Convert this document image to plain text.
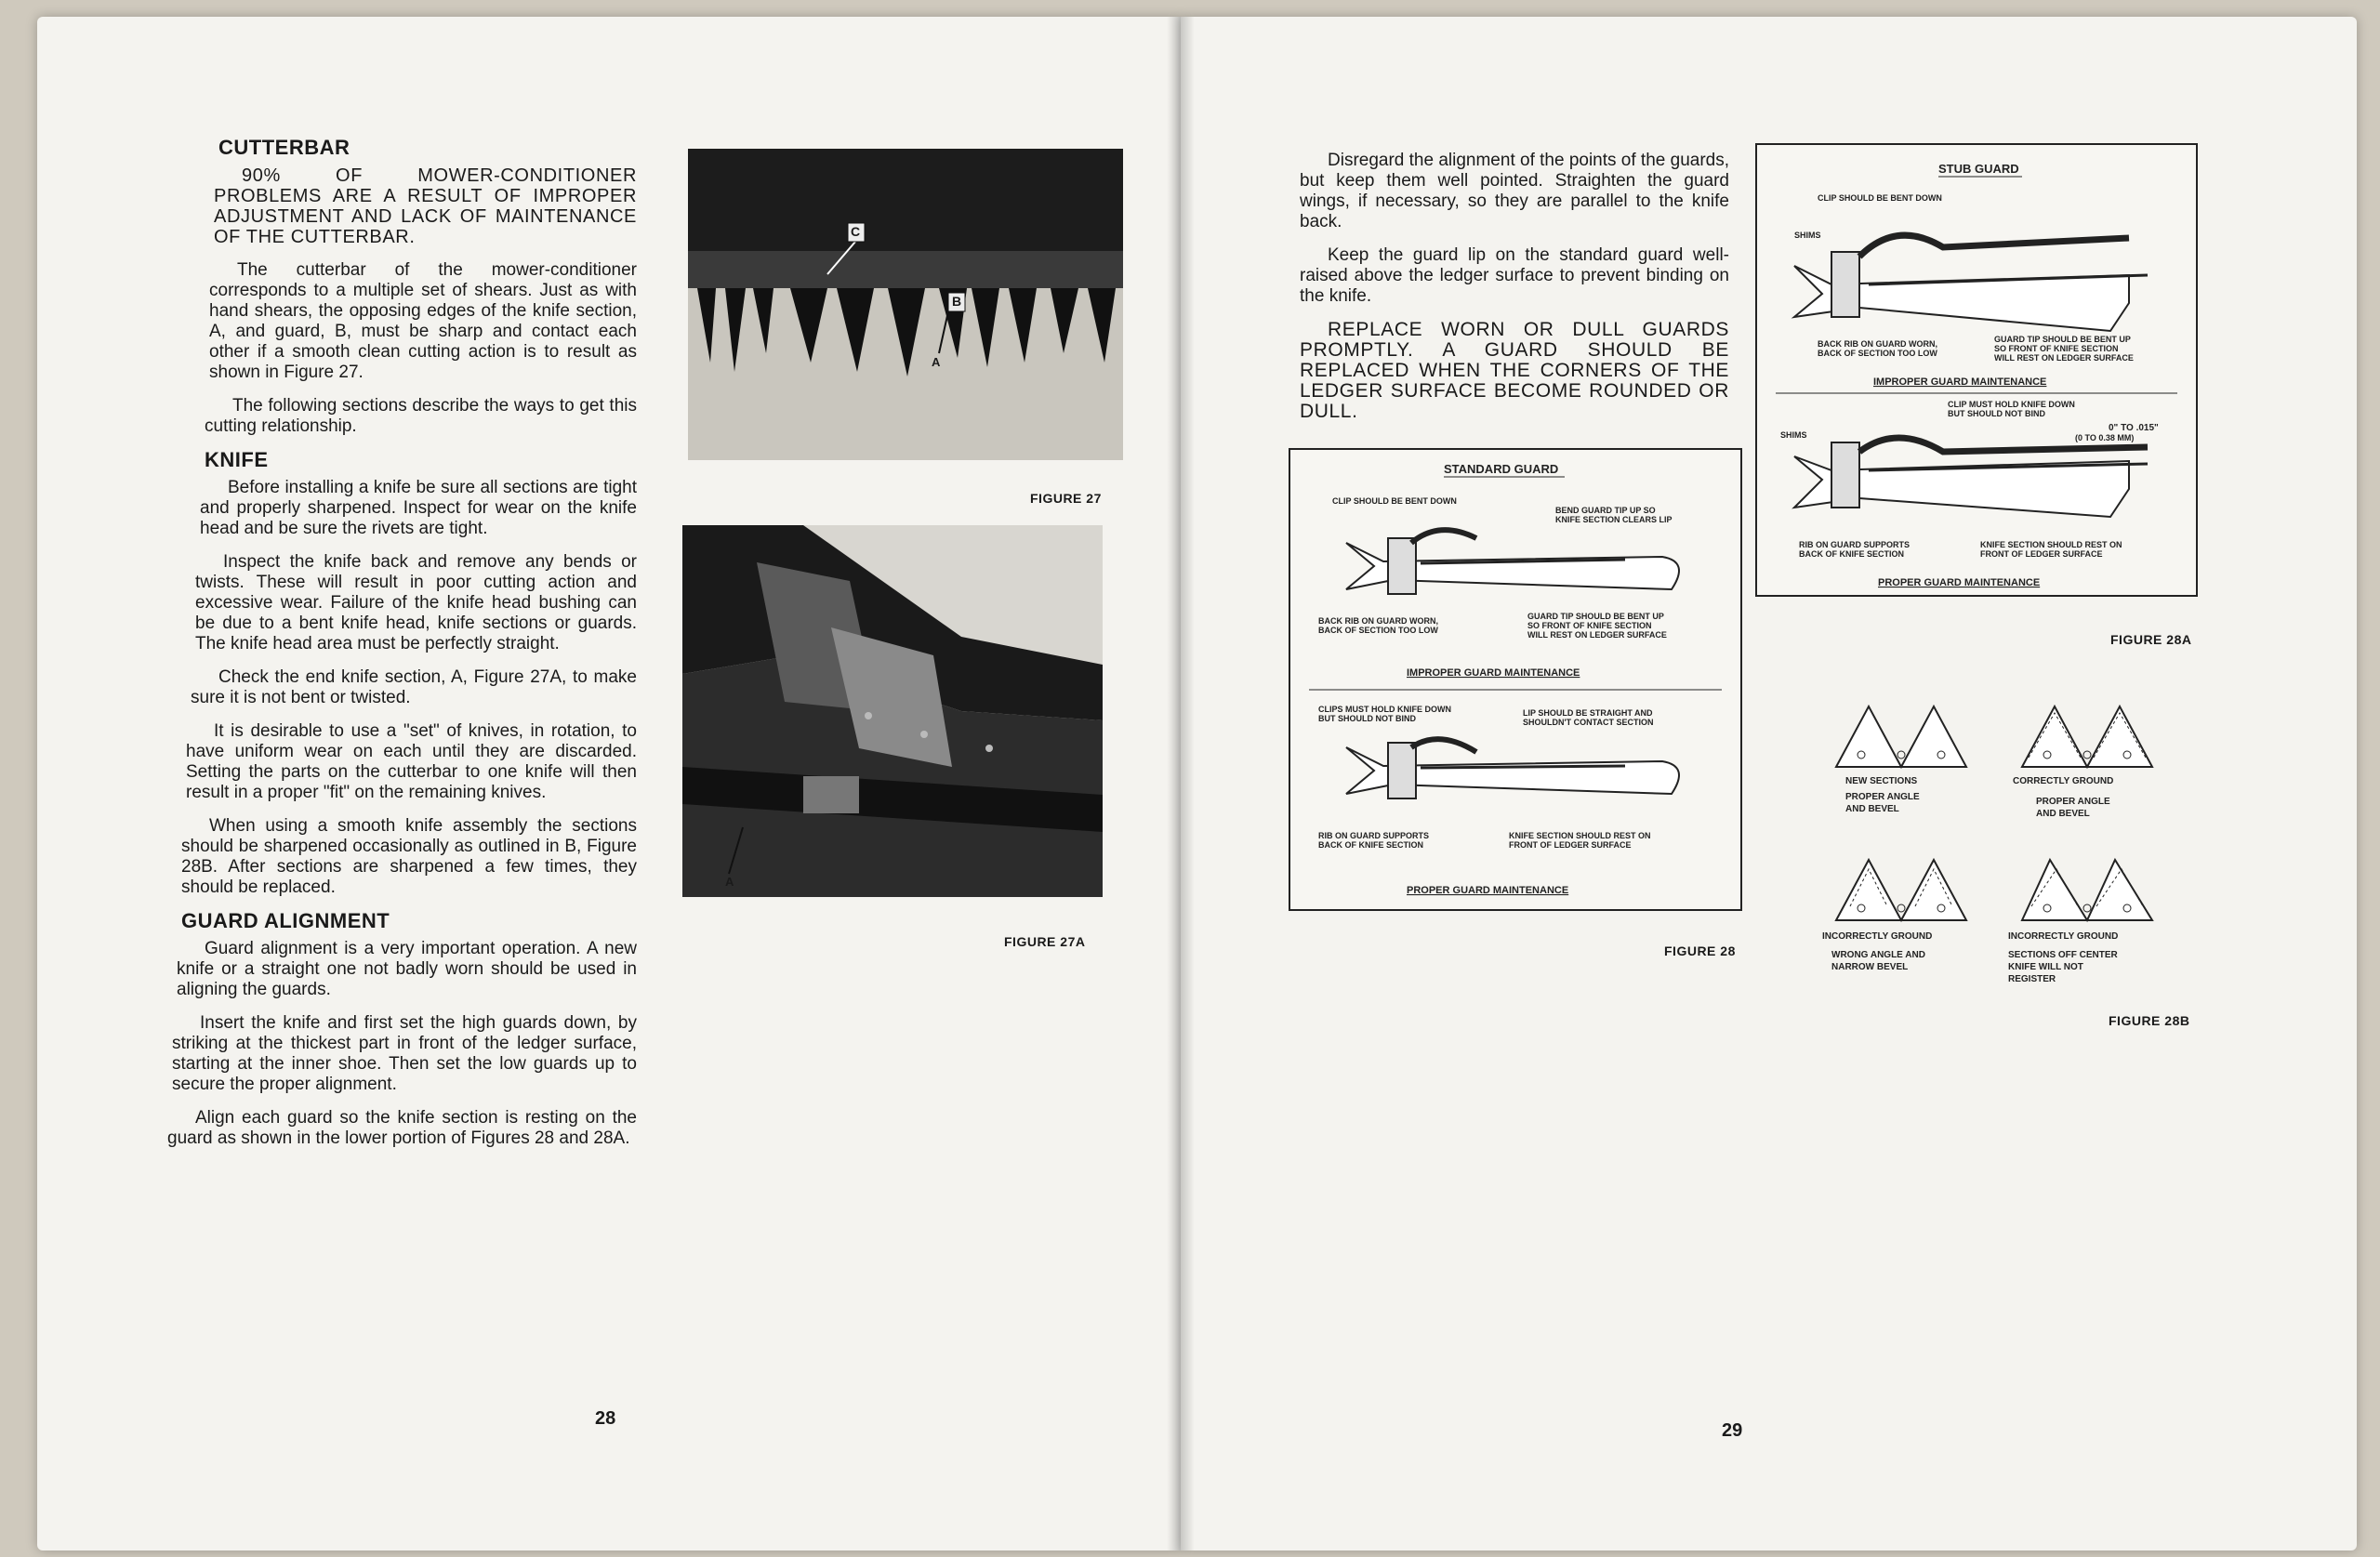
CUTTERBAR

90% OF MOWER-CONDITIONER PROBLEMS ARE A RESULT OF IMPROPER ADJUSTMENT AND LACK OF MAINTENANCE OF THE CUTTERBAR.

The cutterbar of the mower-conditioner corresponds to a multiple set of shears. Just as with hand shears, the opposing edges of the knife section, A, and guard, B, must be sharp and contact each other if a smooth clean cutting action is to result as shown in Figure 27.

The following sections describe the ways to get this cutting relationship.

KNIFE

Before installing a knife be sure all sections are tight and properly sharpened. Inspect for wear on the knife head and be sure the rivets are tight.

Inspect the knife back and remove any bends or twists. These will result in poor cutting action and excessive wear. Failure of the knife head bushing can be due to a bent knife head, knife sections or guards. The knife head area must be perfectly straight.

Check the end knife section, A, Figure 27A, to make sure it is not bent or twisted.

It is desirable to use a "set" of knives, in rotation, to have uniform wear on each until they are discarded. Setting the parts on the cutterbar to one knife will then result in a proper "fit" on the remaining knives.

When using a smooth knife assembly the sections should be sharpened occasionally as outlined in B, Figure 28B. After sections are sharpened a few times, they should be replaced.

GUARD ALIGNMENT

Guard alignment is a very important operation. A new knife or a straight one not badly worn should be used in aligning the guards.

Insert the knife and first set the high guards down, by striking at the thickest part in front of the ledger surface, starting at the inner shoe. Then set the low guards up to secure the proper alignment.

Align each guard so the knife section is resting on the guard as shown in the lower portion of Figures 28 and 28A.

C
B
A
FIGURE 27
A
FIGURE 27A
28

Disregard the alignment of the points of the guards, but keep them well pointed. Straighten the guard wings, if necessary, so they are parallel to the knife back.

Keep the guard lip on the standard guard well-raised above the ledger surface to prevent binding on the knife.

REPLACE WORN OR DULL GUARDS PROMPTLY. A GUARD SHOULD BE REPLACED WHEN THE CORNERS OF THE LEDGER SURFACE BECOME ROUNDED OR DULL.

STANDARD GUARD
CLIP SHOULD BE BENT DOWN
BEND GUARD TIP UP SO
KNIFE SECTION CLEARS LIP
BACK RIB ON GUARD WORN,
BACK OF SECTION TOO LOW
GUARD TIP SHOULD BE BENT UP
SO FRONT OF KNIFE SECTION
WILL REST ON LEDGER SURFACE
IMPROPER GUARD MAINTENANCE
CLIPS MUST HOLD KNIFE DOWN
BUT SHOULD NOT BIND
LIP SHOULD BE STRAIGHT AND
SHOULDN'T CONTACT SECTION
RIB ON GUARD SUPPORTS
BACK OF KNIFE SECTION
KNIFE SECTION SHOULD REST ON
FRONT OF LEDGER SURFACE
PROPER GUARD MAINTENANCE
FIGURE 28
STUB GUARD
CLIP SHOULD BE BENT DOWN
SHIMS
BACK RIB ON GUARD WORN,
BACK OF SECTION TOO LOW
GUARD TIP SHOULD BE BENT UP
SO FRONT OF KNIFE SECTION
WILL REST ON LEDGER SURFACE
IMPROPER GUARD MAINTENANCE
CLIP MUST HOLD KNIFE DOWN
BUT SHOULD NOT BIND
0" TO .015"
(0 TO 0.38 MM)
SHIMS
RIB ON GUARD SUPPORTS
BACK OF KNIFE SECTION
KNIFE SECTION SHOULD REST ON
FRONT OF LEDGER SURFACE
PROPER GUARD MAINTENANCE
FIGURE 28A
NEW SECTIONS
PROPER ANGLE
AND BEVEL
CORRECTLY GROUND
PROPER ANGLE
AND BEVEL
INCORRECTLY GROUND
WRONG ANGLE AND
NARROW BEVEL
INCORRECTLY GROUND
SECTIONS OFF CENTER
KNIFE WILL NOT
REGISTER
FIGURE 28B
29
